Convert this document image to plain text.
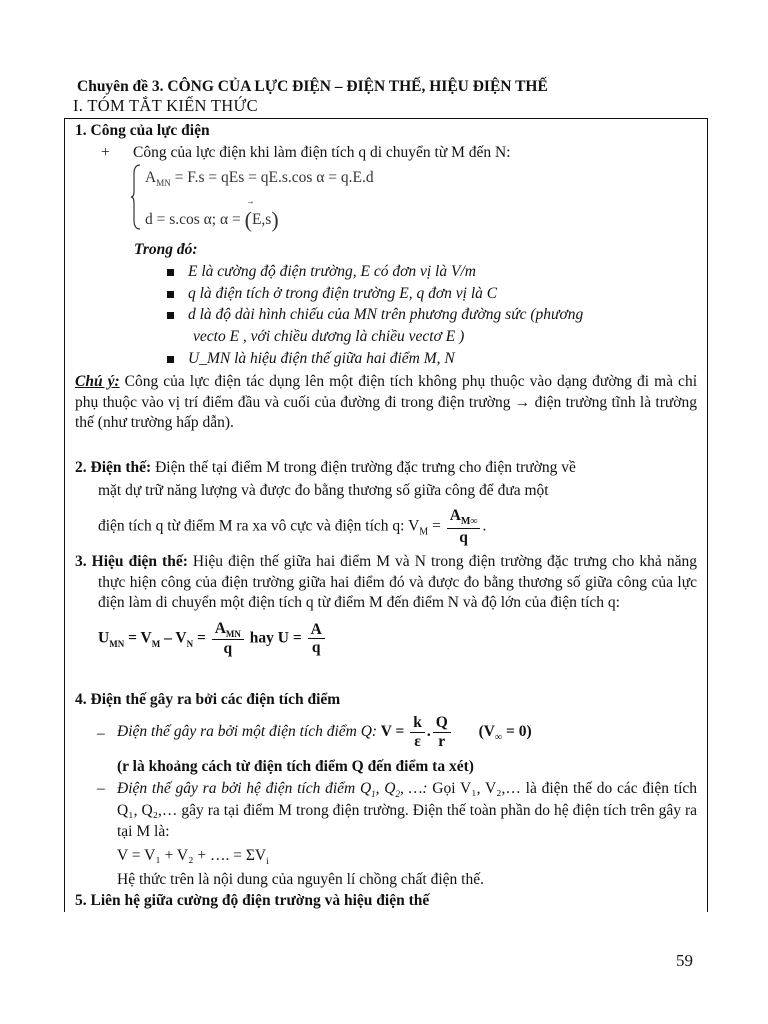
Chuyên đề 3. CÔNG CỦA LỰC ĐIỆN – ĐIỆN THẾ, HIỆU ĐIỆN THẾ
I. TÓM TẮT KIẾN THỨC
1. Công của lực điện
+ Công của lực điện khi làm điện tích q di chuyển từ M đến N:
$A_{MN} = F.s$ = qEs = qE.s.cos α = q.E.d
d = s.cos α; α = (E
,s)
Trong đó:
E là cường độ điện trường, E có đơn vị là V/m
q là điện tích ở trong điện trường E, q đơn vị là C
d là độ dài hình chiếu của MN trên phương đường sức (phương
vecto E , với chiều dương là chiều vectơ E )
U_MN là hiệu điện thế giữa hai điểm M, N
Chú ý: Công của lực điện tác dụng lên một điện tích không phụ thuộc vào dạng đường đi mà chỉ phụ thuộc vào vị trí điểm đầu và cuối của đường đi trong điện trường → điện trường tĩnh là trường thế (như trường hấp dẫn).
2. Điện thế: Điện thế tại điểm M trong điện trường đặc trưng cho điện trường về
mặt dự trữ năng lượng và được đo bằng thương số giữa công để đưa một
điện tích q từ điểm M ra xa vô cực và điện tích q: $V_M = \frac{A_{M\infty}}{q}$ .
3. Hiệu điện thế: Hiệu điện thế giữa hai điểm M và N trong điện trường đặc trưng cho khả năng thực hiện công của điện trường giữa hai điểm đó và được đo bằng thương số giữa công của lực điện làm di chuyển một điện tích q từ điểm M đến điểm N và độ lớn của điện tích q:
$U_{MN} = V_M - V_N = \frac{A_{MN}}{q}$ hay $U = \frac{A}{q}$
4. Điện thế gây ra bởi các điện tích điểm
– Điện thế gây ra bởi một điện tích điểm Q: $V = \frac{k}{\varepsilon}$ . $\frac{Q}{r} (V_\infty = 0)$
(r là khoảng cách từ điện tích điểm Q đến điểm ta xét)
– Điện thế gây ra bởi hệ điện tích điểm $Q_1$, $Q_2$, …: Gọi V₁, V₂,… là điện thế do các điện tích Q₁, Q₂,… gây ra tại điểm M trong điện trường. Điện thế toàn phần do hệ điện tích trên gây ra tại M là:
V = V₁ + V₂ + …. = $\Sigma V_i$
Hệ thức trên là nội dung của nguyên lí chồng chất điện thế.
5. Liên hệ giữa cường độ điện trường và hiệu điện thế
59
